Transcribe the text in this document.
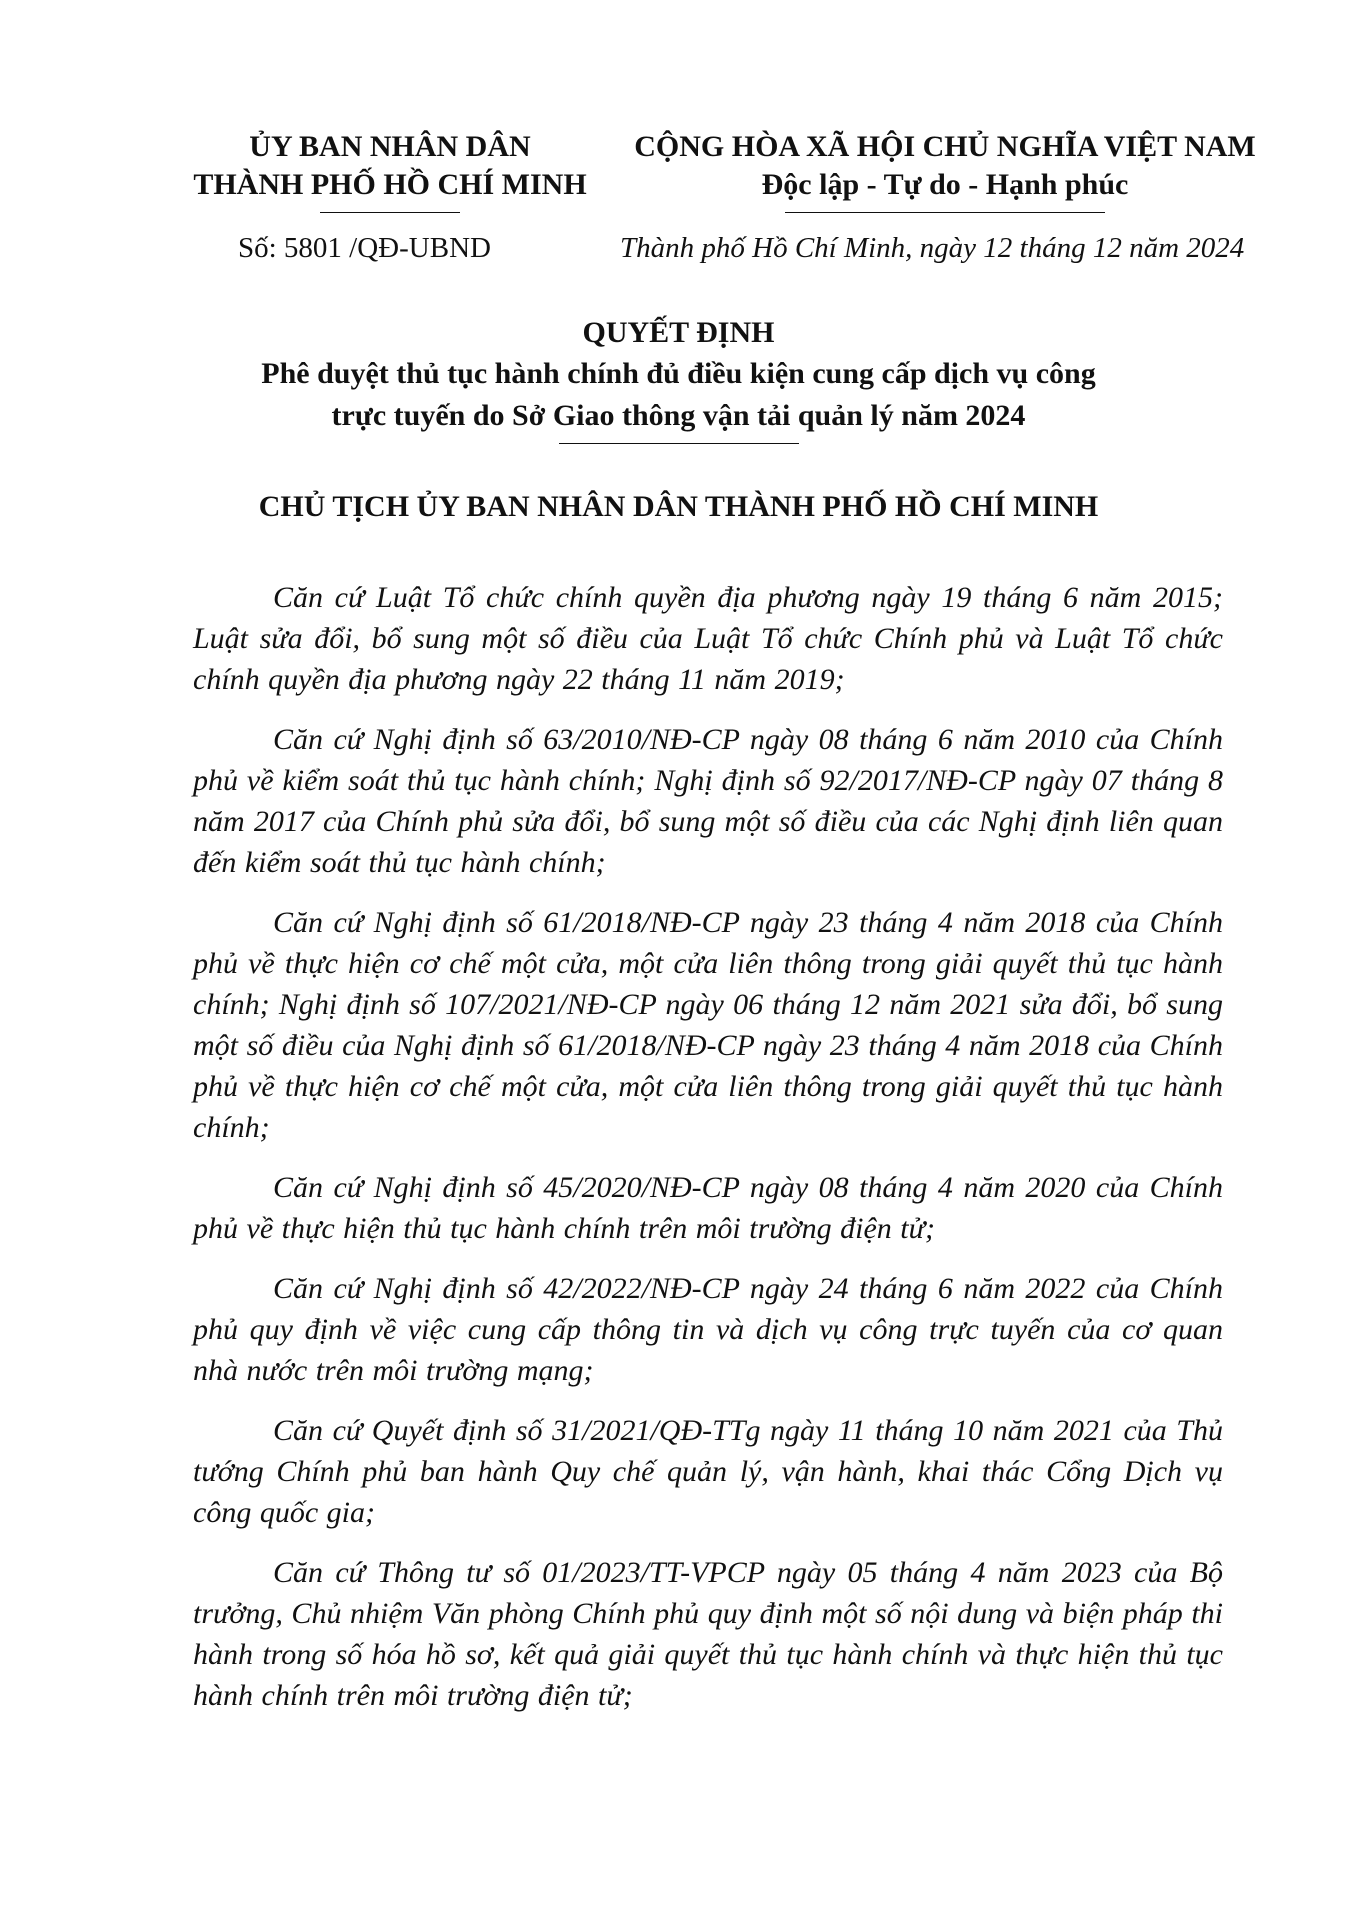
ỦY BAN NHÂN DÂN
THÀNH PHỐ HỒ CHÍ MINH
CỘNG HÒA XÃ HỘI CHỦ NGHĨA VIỆT NAM
Độc lập - Tự do - Hạnh phúc
Số: 5801 /QĐ-UBND	Thành phố Hồ Chí Minh, ngày 12 tháng 12 năm 2024
QUYẾT ĐỊNH
Phê duyệt thủ tục hành chính đủ điều kiện cung cấp dịch vụ công
trực tuyến do Sở Giao thông vận tải quản lý năm 2024
CHỦ TỊCH ỦY BAN NHÂN DÂN THÀNH PHỐ HỒ CHÍ MINH

Căn cứ Luật Tổ chức chính quyền địa phương ngày 19 tháng 6 năm 2015; Luật sửa đổi, bổ sung một số điều của Luật Tổ chức Chính phủ và Luật Tổ chức chính quyền địa phương ngày 22 tháng 11 năm 2019;

Căn cứ Nghị định số 63/2010/NĐ-CP ngày 08 tháng 6 năm 2010 của Chính phủ về kiểm soát thủ tục hành chính; Nghị định số 92/2017/NĐ-CP ngày 07 tháng 8 năm 2017 của Chính phủ sửa đổi, bổ sung một số điều của các Nghị định liên quan đến kiểm soát thủ tục hành chính;

Căn cứ Nghị định số 61/2018/NĐ-CP ngày 23 tháng 4 năm 2018 của Chính phủ về thực hiện cơ chế một cửa, một cửa liên thông trong giải quyết thủ tục hành chính; Nghị định số 107/2021/NĐ-CP ngày 06 tháng 12 năm 2021 sửa đổi, bổ sung một số điều của Nghị định số 61/2018/NĐ-CP ngày 23 tháng 4 năm 2018 của Chính phủ về thực hiện cơ chế một cửa, một cửa liên thông trong giải quyết thủ tục hành chính;

Căn cứ Nghị định số 45/2020/NĐ-CP ngày 08 tháng 4 năm 2020 của Chính phủ về thực hiện thủ tục hành chính trên môi trường điện tử;

Căn cứ Nghị định số 42/2022/NĐ-CP ngày 24 tháng 6 năm 2022 của Chính phủ quy định về việc cung cấp thông tin và dịch vụ công trực tuyến của cơ quan nhà nước trên môi trường mạng;

Căn cứ Quyết định số 31/2021/QĐ-TTg ngày 11 tháng 10 năm 2021 của Thủ tướng Chính phủ ban hành Quy chế quản lý, vận hành, khai thác Cổng Dịch vụ công quốc gia;

Căn cứ Thông tư số 01/2023/TT-VPCP ngày 05 tháng 4 năm 2023 của Bộ trưởng, Chủ nhiệm Văn phòng Chính phủ quy định một số nội dung và biện pháp thi hành trong số hóa hồ sơ, kết quả giải quyết thủ tục hành chính và thực hiện thủ tục hành chính trên môi trường điện tử;
